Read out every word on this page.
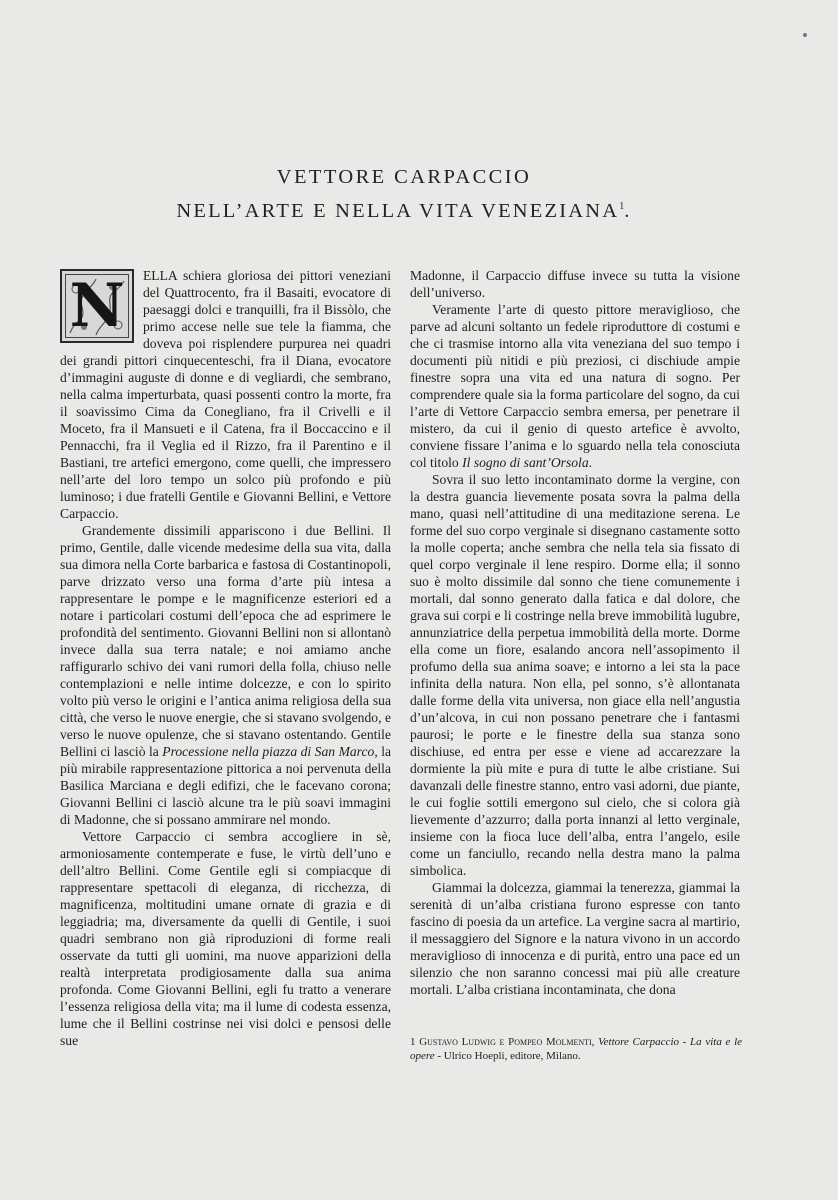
VETTORE CARPACCIO
NELL’ARTE E NELLA VITA VENEZIANA$^1$.

N	ELLA schiera gloriosa dei pittori veneziani del Quattrocento, fra il Basaiti, evocatore di paesaggi dolci e tranquilli, fra il Bissòlo, che primo accese nelle sue tele la fiamma, che doveva poi risplendere purpurea nei quadri dei grandi pittori cinquecenteschi, fra il Diana, evocatore d’immagini auguste di donne e di vegliardi, che sembrano, nella calma imperturbata, quasi possenti contro la morte, fra il soavissimo Cima da Conegliano, fra il Crivelli e il Moceto, fra il Mansueti e il Catena, fra il Boccaccino e il Pennacchi, fra il Veglia ed il Rizzo, fra il Parentino e il Bastiani, tre artefici emergono, come quelli, che impressero nell’arte del loro tempo un solco più profondo e più luminoso; i due fratelli Gentile e Giovanni Bellini, e Vettore Carpaccio.

Grandemente dissimili appariscono i due Bellini. Il primo, Gentile, dalle vicende medesime della sua vita, dalla sua dimora nella Corte barbarica e fastosa di Costantinopoli, parve drizzato verso una forma d’arte più intesa a rappresentare le pompe e le magnificenze esteriori ed a notare i particolari costumi dell’epoca che ad esprimere le profondità del sentimento. Giovanni Bellini non si allontanò invece dalla sua terra natale; e noi amiamo anche raffigurarlo schivo dei vani rumori della folla, chiuso nelle contemplazioni e nelle intime dolcezze, e con lo spirito volto più verso le origini e l’antica anima religiosa della sua città, che verso le nuove energie, che si stavano svolgendo, e verso le nuove opulenze, che si stavano ostentando. Gentile Bellini ci lasciò la Processione nella piazza di San Marco, la più mirabile rappresentazione pittorica a noi pervenuta della Basilica Marciana e degli edifizi, che le facevano corona; Giovanni Bellini ci lasciò alcune tra le più soavi immagini di Madonne, che si possano ammirare nel mondo.

Vettore Carpaccio ci sembra accogliere in sè, armoniosamente contemperate e fuse, le virtù dell’uno e dell’altro Bellini. Come Gentile egli si compiacque di rappresentare spettacoli di eleganza, di ricchezza, di magnificenza, moltitudini umane ornate di grazia e di leggiadria; ma, diversamente da quelli di Gentile, i suoi quadri sembrano non già riproduzioni di forme reali osservate da tutti gli uomini, ma nuove apparizioni della realtà interpretata prodigiosamente dalla sua anima profonda. Come Giovanni Bellini, egli fu tratto a venerare l’essenza religiosa della vita; ma il lume di codesta essenza, lume che il Bellini costrinse nei visi dolci e pensosi delle sue

Madonne, il Carpaccio diffuse invece su tutta la visione dell’universo.

Veramente l’arte di questo pittore meraviglioso, che parve ad alcuni soltanto un fedele riproduttore di costumi e che ci trasmise intorno alla vita veneziana del suo tempo i documenti più nitidi e più preziosi, ci dischiude ampie finestre sopra una vita ed una natura di sogno. Per comprendere quale sia la forma particolare del sogno, da cui l’arte di Vettore Carpaccio sembra emersa, per penetrare il mistero, da cui il genio di questo artefice è avvolto, conviene fissare l’anima e lo sguardo nella tela conosciuta col titolo Il sogno di sant’Orsola.

Sovra il suo letto incontaminato dorme la vergine, con la destra guancia lievemente posata sovra la palma della mano, quasi nell’attitudine di una meditazione serena. Le forme del suo corpo verginale si disegnano castamente sotto la molle coperta; anche sembra che nella tela sia fissato di quel corpo verginale il lene respiro. Dorme ella; il sonno suo è molto dissimile dal sonno che tiene comunemente i mortali, dal sonno generato dalla fatica e dal dolore, che grava sui corpi e li costringe nella breve immobilità lugubre, annunziatrice della perpetua immobilità della morte. Dorme ella come un fiore, esalando ancora nell’assopimento il profumo della sua anima soave; e intorno a lei sta la pace infinita della natura. Non ella, pel sonno, s’è allontanata dalle forme della vita universa, non giace ella nell’angustia d’un’alcova, in cui non possano penetrare che i fantasmi paurosi; le porte e le finestre della sua stanza sono dischiuse, ed entra per esse e viene ad accarezzare la dormiente la più mite e pura di tutte le albe cristiane. Sui davanzali delle finestre stanno, entro vasi adorni, due piante, le cui foglie sottili emergono sul cielo, che si colora già lievemente d’azzurro; dalla porta innanzi al letto verginale, insieme con la fioca luce dell’alba, entra l’angelo, esile come un fanciullo, recando nella destra mano la palma simbolica.

Giammai la dolcezza, giammai la tenerezza, giammai la serenità di un’alba cristiana furono espresse con tanto fascino di poesia da un artefice. La vergine sacra al martirio, il messaggiero del Signore e la natura vivono in un accordo meraviglioso di innocenza e di purità, entro una pace ed un silenzio che non saranno concessi mai più alle creature mortali. L’alba cristiana incontaminata, che dona

1 Gustavo Ludwig e Pompeo Molmenti, Vettore Carpaccio - La vita e le opere - Ulrico Hoepli, editore, Milano.
